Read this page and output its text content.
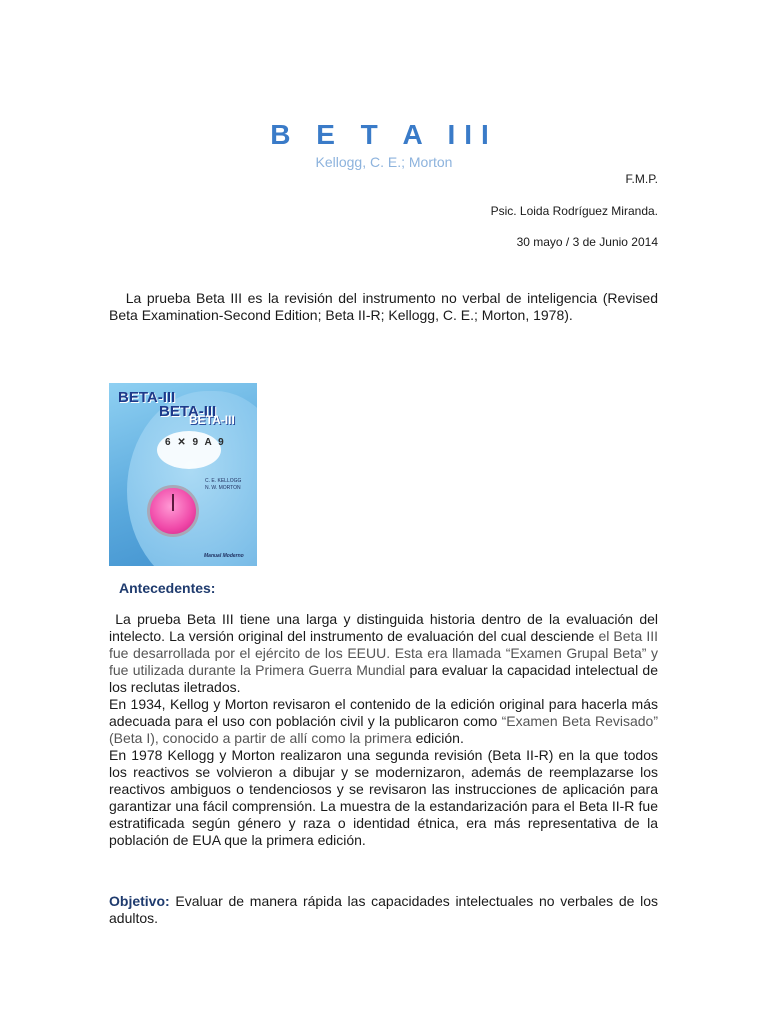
B E T A III
Kellogg, C. E.; Morton
F.M.P.
Psic. Loida Rodríguez Miranda.
30 mayo / 3 de Junio 2014
La prueba Beta III es la revisión del instrumento no verbal de inteligencia (Revised Beta Examination-Second Edition; Beta II-R; Kellogg, C. E.; Morton, 1978).
BETA-III
BETA-III
BETA-III
6 ✕ 9 A 9
C. E. KELLOGG
N. W. MORTON
Manual Moderno
Antecedentes:
La prueba Beta III tiene una larga y distinguida historia dentro de la evaluación del intelecto. La versión original del instrumento de evaluación del cual desciende el Beta III fue desarrollada por el ejército de los EEUU. Esta era llamada “Examen Grupal Beta” y fue utilizada durante la Primera Guerra Mundial para evaluar la capacidad intelectual de los reclutas iletrados.
En 1934, Kellog y Morton revisaron el contenido de la edición original para hacerla más adecuada para el uso con población civil y la publicaron como “Examen Beta Revisado” (Beta I), conocido a partir de allí como la primera edición.
En 1978 Kellogg y Morton realizaron una segunda revisión (Beta II-R) en la que todos los reactivos se volvieron a dibujar y se modernizaron, además de reemplazarse los reactivos ambiguos o tendenciosos y se revisaron las instrucciones de aplicación para garantizar una fácil comprensión. La muestra de la estandarización para el Beta II-R fue estratificada según género y raza o identidad étnica, era más representativa de la población de EUA que la primera edición.
Objetivo: Evaluar de manera rápida las capacidades intelectuales no verbales de los adultos.
